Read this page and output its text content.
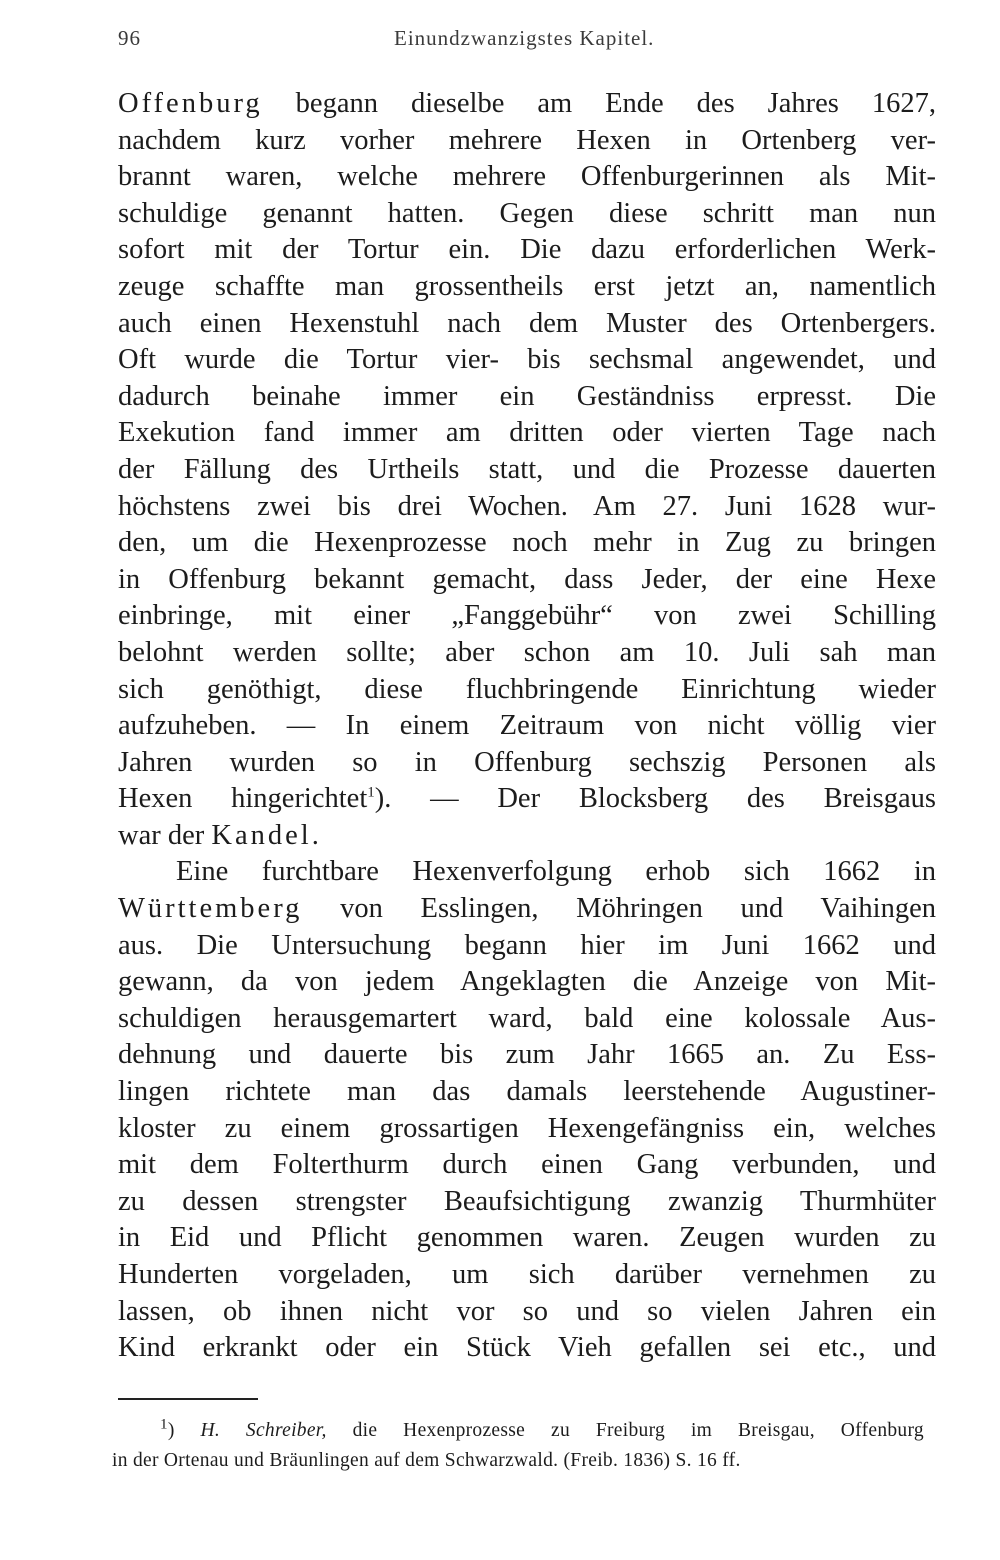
96	Einundzwanzigstes Kapitel.
Offenburg begann dieselbe am Ende des Jahres 1627,
nachdem kurz vorher mehrere Hexen in Ortenberg ver-
brannt waren, welche mehrere Offenburgerinnen als Mit-
schuldige genannt hatten. Gegen diese schritt man nun
sofort mit der Tortur ein. Die dazu erforderlichen Werk-
zeuge schaffte man grossentheils erst jetzt an, namentlich
auch einen Hexenstuhl nach dem Muster des Ortenbergers.
Oft wurde die Tortur vier- bis sechsmal angewendet, und
dadurch beinahe immer ein Geständniss erpresst. Die
Exekution fand immer am dritten oder vierten Tage nach
der Fällung des Urtheils statt, und die Prozesse dauerten
höchstens zwei bis drei Wochen. Am 27. Juni 1628 wur-
den, um die Hexenprozesse noch mehr in Zug zu bringen
in Offenburg bekannt gemacht, dass Jeder, der eine Hexe
einbringe, mit einer „Fanggebühr“ von zwei Schilling
belohnt werden sollte; aber schon am 10. Juli sah man
sich genöthigt, diese fluchbringende Einrichtung wieder
aufzuheben. — In einem Zeitraum von nicht völlig vier
Jahren wurden so in Offenburg sechszig Personen als
Hexen hingerichtet$^1$). — Der Blocksberg des Breisgaus
war der Kandel.
Eine furchtbare Hexenverfolgung erhob sich 1662 in
Württemberg von Esslingen, Möhringen und Vaihingen
aus. Die Untersuchung begann hier im Juni 1662 und
gewann, da von jedem Angeklagten die Anzeige von Mit-
schuldigen herausgemartert ward, bald eine kolossale Aus-
dehnung und dauerte bis zum Jahr 1665 an. Zu Ess-
lingen richtete man das damals leerstehende Augustiner-
kloster zu einem grossartigen Hexengefängniss ein, welches
mit dem Folterthurm durch einen Gang verbunden, und
zu dessen strengster Beaufsichtigung zwanzig Thurmhüter
in Eid und Pflicht genommen waren. Zeugen wurden zu
Hunderten vorgeladen, um sich darüber vernehmen zu
lassen, ob ihnen nicht vor so und so vielen Jahren ein
Kind erkrankt oder ein Stück Vieh gefallen sei etc., und
$^1$) H. Schreiber, die Hexenprozesse zu Freiburg im Breisgau, Offenburg
in der Ortenau und Bräunlingen auf dem Schwarzwald. (Freib. 1836) S. 16 ff.
